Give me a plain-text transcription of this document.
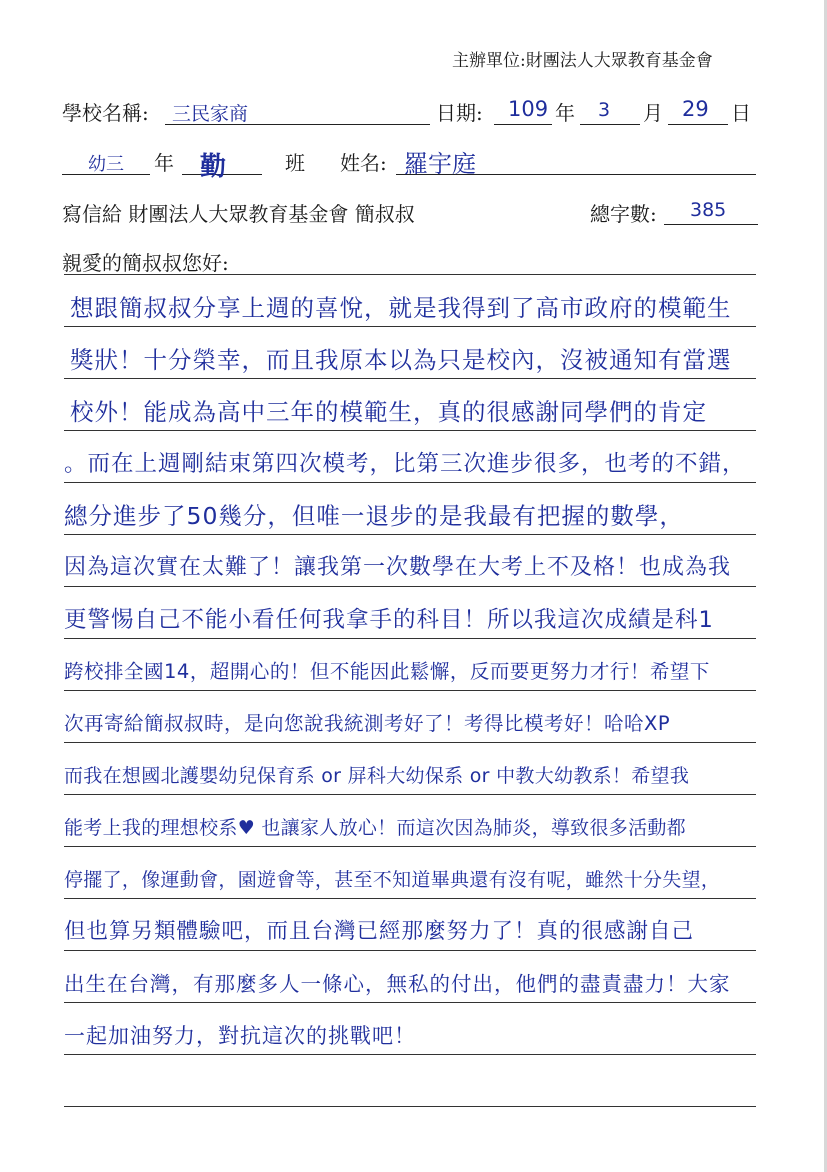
主辦單位:財團法人大眾教育基金會
學校名稱: 三民家商	日期: 109 年 3 月 29 日
幼三 年 勤	班 姓名: 羅宇庭
寫信給 財團法人大眾教育基金會 簡叔叔	總字數: 385
親愛的簡叔叔您好:
想跟簡叔叔分享上週的喜悅，就是我得到了高市政府的模範生
獎狀！十分榮幸，而且我原本以為只是校內，沒被通知有當選
校外！能成為高中三年的模範生，真的很感謝同學們的肯定
。而在上週剛結束第四次模考，比第三次進步很多，也考的不錯，
總分進步了50幾分，但唯一退步的是我最有把握的數學，
因為這次實在太難了！讓我第一次數學在大考上不及格！也成為我
更警惕自己不能小看任何我拿手的科目！所以我這次成績是科1
跨校排全國14，超開心的！但不能因此鬆懈，反而要更努力才行！希望下
次再寄給簡叔叔時，是向您說我統測考好了！考得比模考好！哈哈XP
而我在想國北護嬰幼兒保育系 or 屏科大幼保系 or 中教大幼教系！希望我
能考上我的理想校系♥ 也讓家人放心！而這次因為肺炎，導致很多活動都
停擺了，像運動會，園遊會等，甚至不知道畢典還有沒有呢，雖然十分失望，
但也算另類體驗吧，而且台灣已經那麼努力了！真的很感謝自己
出生在台灣，有那麼多人一條心，無私的付出，他們的盡責盡力！大家
一起加油努力，對抗這次的挑戰吧！
